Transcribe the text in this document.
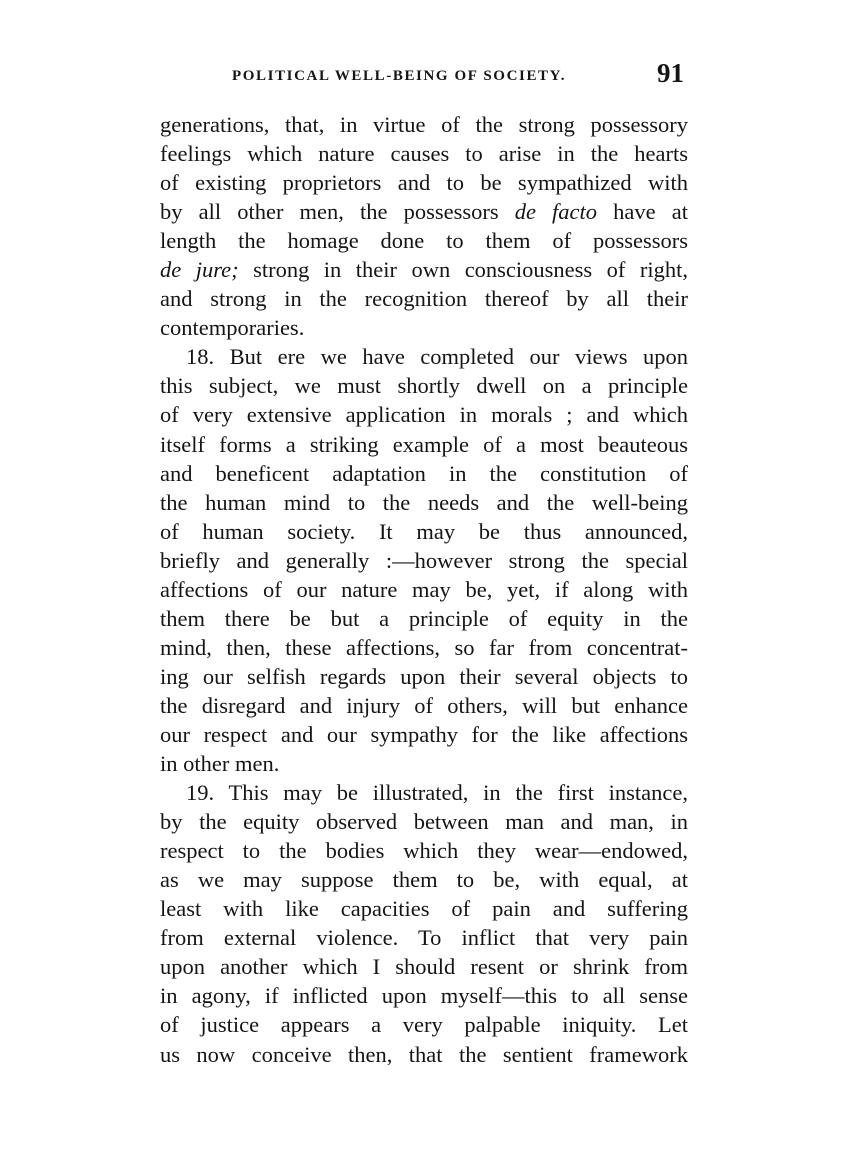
POLITICAL WELL-BEING OF SOCIETY.	91
generations, that, in virtue of the strong possessory
feelings which nature causes to arise in the hearts
of existing proprietors and to be sympathized with
by all other men, the possessors de facto have at
length the homage done to them of possessors
de jure; strong in their own consciousness of right,
and strong in the recognition thereof by all their
contemporaries.
18. But ere we have completed our views upon
this subject, we must shortly dwell on a principle
of very extensive application in morals ; and which
itself forms a striking example of a most beauteous
and beneficent adaptation in the constitution of
the human mind to the needs and the well-being
of human society. It may be thus announced,
briefly and generally :—however strong the special
affections of our nature may be, yet, if along with
them there be but a principle of equity in the
mind, then, these affections, so far from concentrat-
ing our selfish regards upon their several objects to
the disregard and injury of others, will but enhance
our respect and our sympathy for the like affections
in other men.
19. This may be illustrated, in the first instance,
by the equity observed between man and man, in
respect to the bodies which they wear—endowed,
as we may suppose them to be, with equal, at
least with like capacities of pain and suffering
from external violence. To inflict that very pain
upon another which I should resent or shrink from
in agony, if inflicted upon myself—this to all sense
of justice appears a very palpable iniquity. Let
us now conceive then, that the sentient framework
